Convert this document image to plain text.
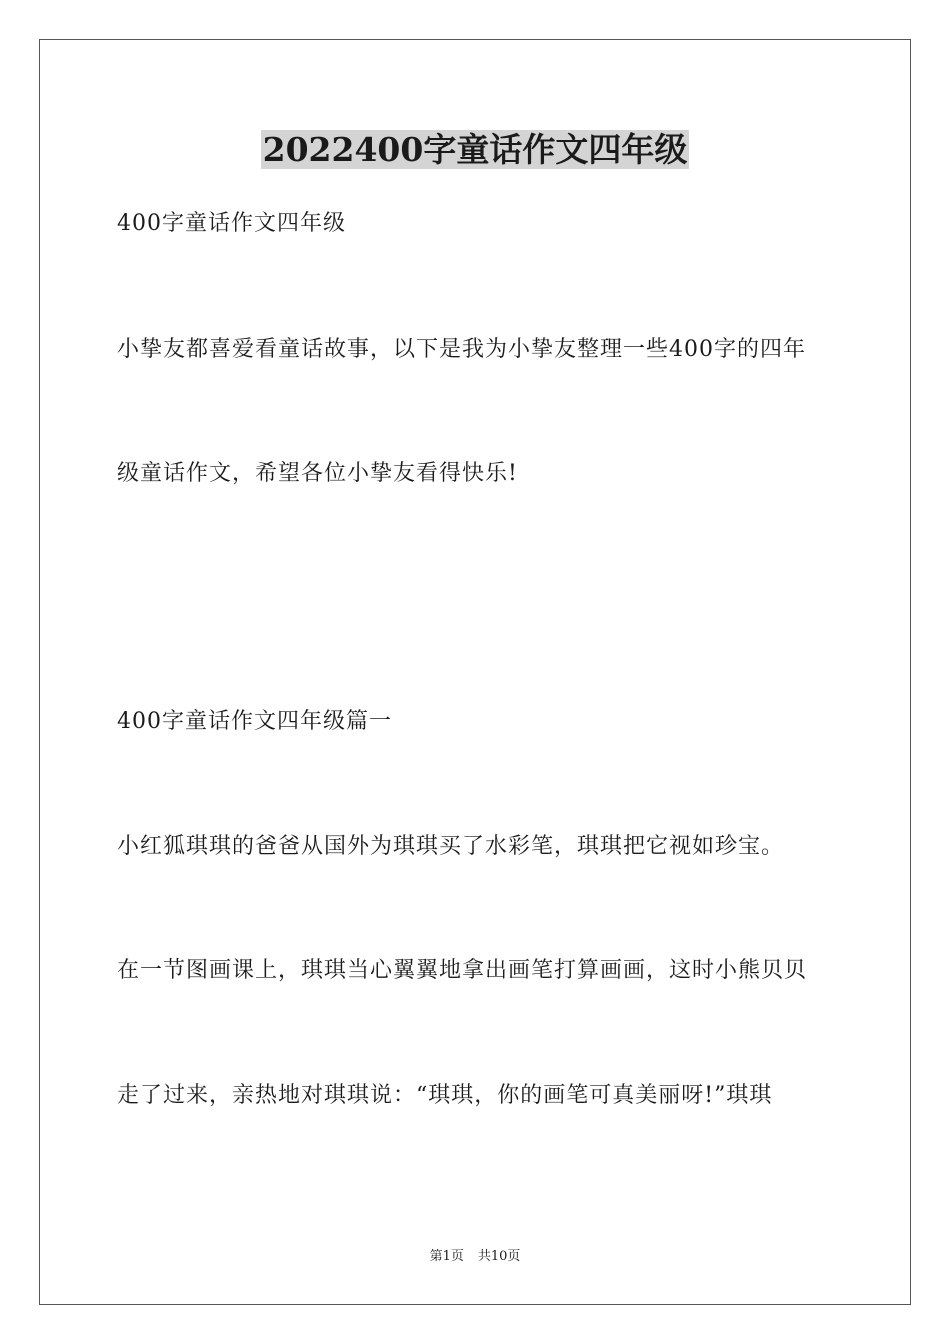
2022400字童话作文四年级

400字童话作文四年级

小挚友都喜爱看童话故事，以下是我为小挚友整理一些400字的四年

级童话作文，希望各位小挚友看得快乐!

400字童话作文四年级篇一

小红狐琪琪的爸爸从国外为琪琪买了水彩笔，琪琪把它视如珍宝。

在一节图画课上，琪琪当心翼翼地拿出画笔打算画画，这时小熊贝贝

走了过来，亲热地对琪琪说：“琪琪，你的画笔可真美丽呀!”琪琪

第1页 共10页
